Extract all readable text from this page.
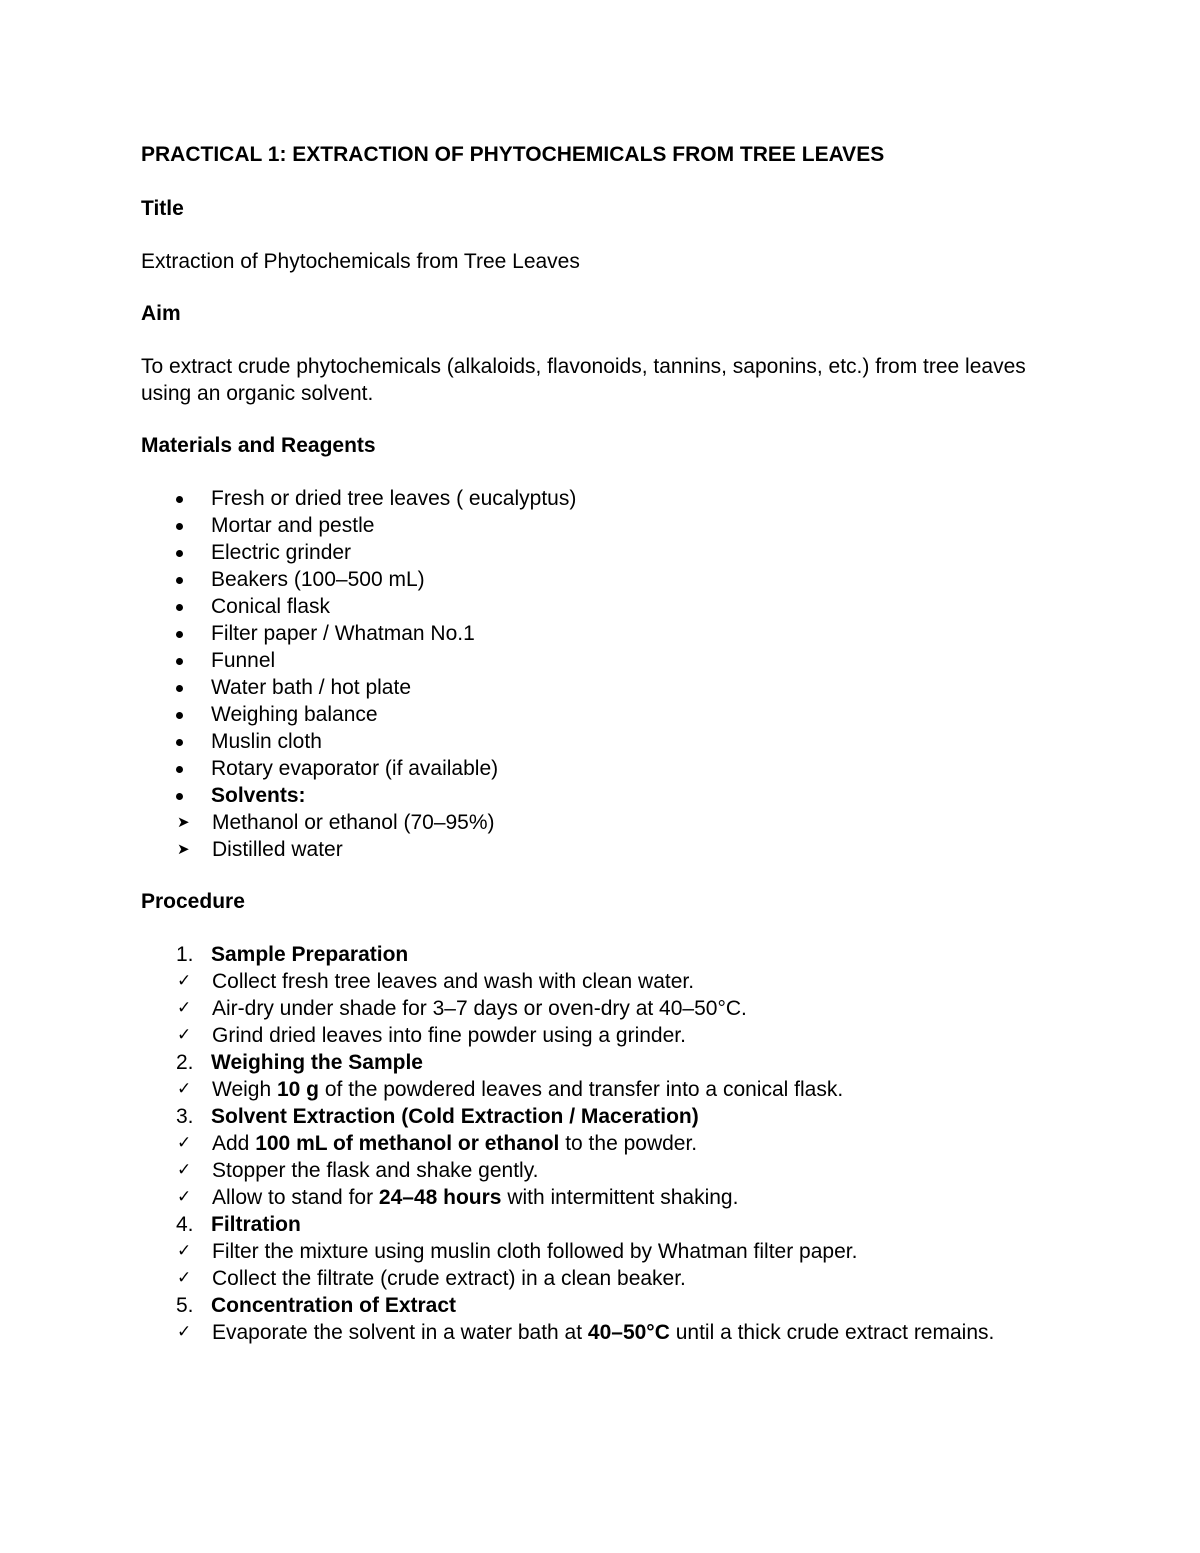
PRACTICAL 1: EXTRACTION OF PHYTOCHEMICALS FROM TREE LEAVES

Title

Extraction of Phytochemicals from Tree Leaves

Aim

To extract crude phytochemicals (alkaloids, flavonoids, tannins, saponins, etc.) from tree leaves using an organic solvent.

Materials and Reagents

Fresh or dried tree leaves ( eucalyptus)
Mortar and pestle
Electric grinder
Beakers (100–500 mL)
Conical flask
Filter paper / Whatman No.1
Funnel
Water bath / hot plate
Weighing balance
Muslin cloth
Rotary evaporator (if available)
Solvents:
➤ Methanol or ethanol (70–95%)
➤ Distilled water

Procedure

1. Sample Preparation
✓ Collect fresh tree leaves and wash with clean water.
✓ Air-dry under shade for 3–7 days or oven-dry at 40–50°C.
✓ Grind dried leaves into fine powder using a grinder.
2. Weighing the Sample
✓ Weigh 10 g of the powdered leaves and transfer into a conical flask.
3. Solvent Extraction (Cold Extraction / Maceration)
✓ Add 100 mL of methanol or ethanol to the powder.
✓ Stopper the flask and shake gently.
✓ Allow to stand for 24–48 hours with intermittent shaking.
4. Filtration
✓ Filter the mixture using muslin cloth followed by Whatman filter paper.
✓ Collect the filtrate (crude extract) in a clean beaker.
5. Concentration of Extract
✓ Evaporate the solvent in a water bath at 40–50°C until a thick crude extract remains.
